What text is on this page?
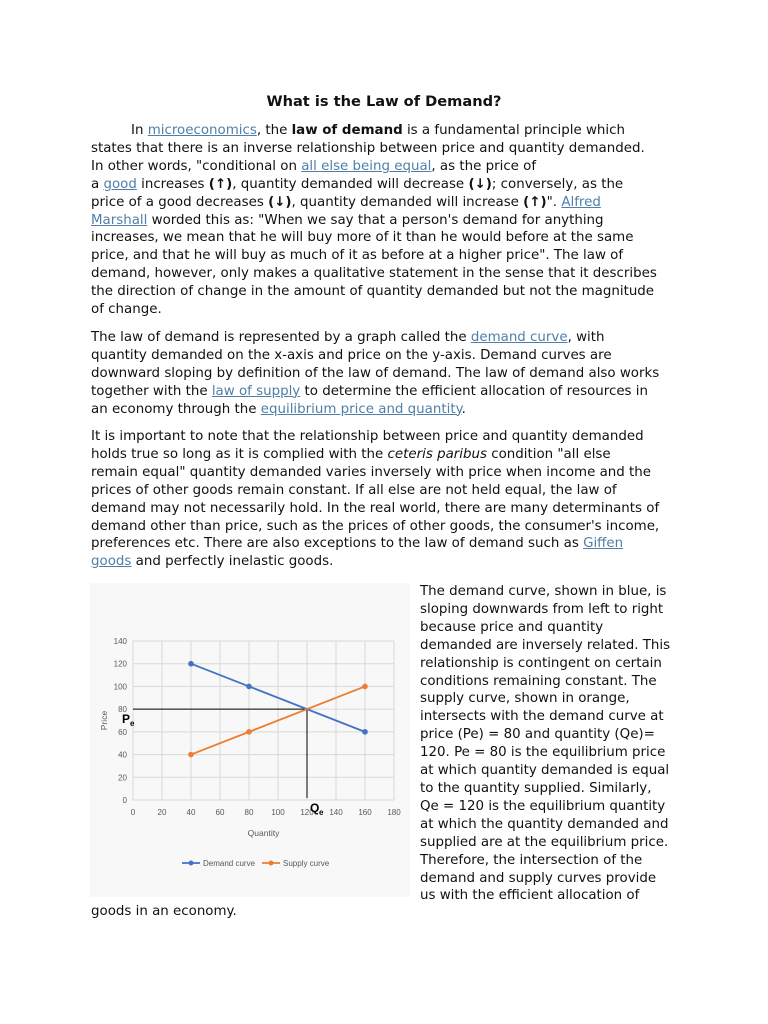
What is the Law of Demand?

In microeconomics, the law of demand is a fundamental principle which
states that there is an inverse relationship between price and quantity demanded.
In other words, "conditional on all else being equal, as the price of
a good increases (↑), quantity demanded will decrease (↓); conversely, as the
price of a good decreases (↓), quantity demanded will increase (↑)". Alfred
Marshall worded this as: "When we say that a person's demand for anything
increases, we mean that he will buy more of it than he would before at the same
price, and that he will buy as much of it as before at a higher price". The law of
demand, however, only makes a qualitative statement in the sense that it describes
the direction of change in the amount of quantity demanded but not the magnitude
of change.

The law of demand is represented by a graph called the demand curve, with
quantity demanded on the x-axis and price on the y-axis. Demand curves are
downward sloping by definition of the law of demand. The law of demand also works
together with the law of supply to determine the efficient allocation of resources in
an economy through the equilibrium price and quantity.

It is important to note that the relationship between price and quantity demanded
holds true so long as it is complied with the ceteris paribus condition "all else
remain equal" quantity demanded varies inversely with price when income and the
prices of other goods remain constant. If all else are not held equal, the law of
demand may not necessarily hold. In the real world, there are many determinants of
demand other than price, such as the prices of other goods, the consumer's income,
preferences etc. There are also exceptions to the law of demand such as Giffen
goods and perfectly inelastic goods.

0
20
40
60
80
100
120
140
0	20	40	60	80 100 120 140 160 180
Quantity
Price P e
Q e
Demand curve	Supply curve

The demand curve, shown in blue, is
sloping downwards from left to right
because price and quantity
demanded are inversely related. This
relationship is contingent on certain
conditions remaining constant. The
supply curve, shown in orange,
intersects with the demand curve at
price (Pe) = 80 and quantity (Qe)=
120. Pe = 80 is the equilibrium price
at which quantity demanded is equal
to the quantity supplied. Similarly,
Qe = 120 is the equilibrium quantity
at which the quantity demanded and
supplied are at the equilibrium price.
Therefore, the intersection of the
demand and supply curves provide
us with the efficient allocation of

goods in an economy.
